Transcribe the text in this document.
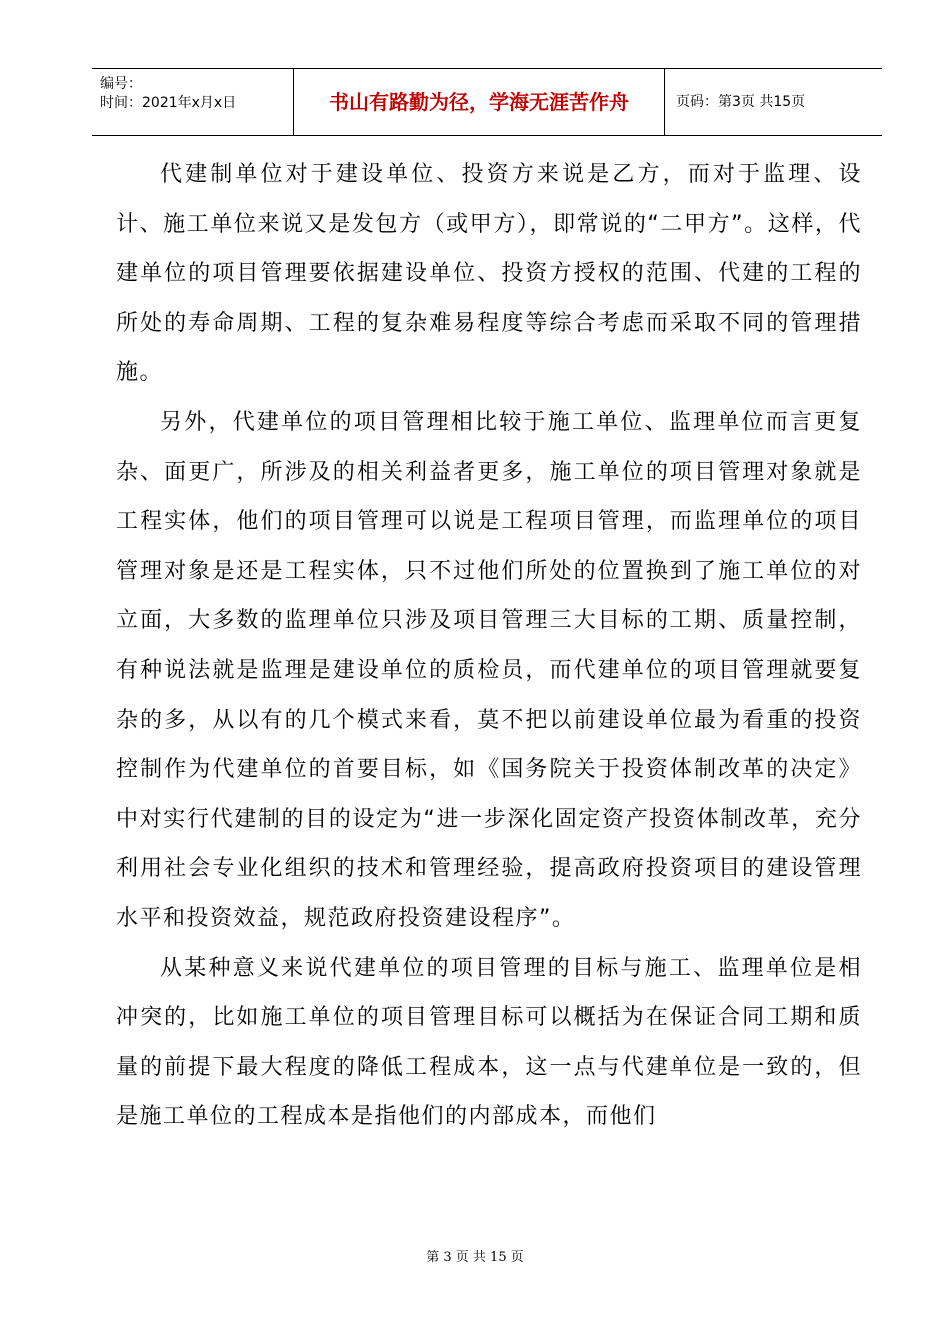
编号：
时间：2021年x月x日	书山有路勤为径，学海无涯苦作舟	页码：第3页 共15页

代建制单位对于建设单位、投资方来说是乙方，而对于监理、设计、施工单位来说又是发包方（或甲方），即常说的“二甲方”。这样，代建单位的项目管理要依据建设单位、投资方授权的范围、代建的工程的所处的寿命周期、工程的复杂难易程度等综合考虑而采取不同的管理措施。

另外，代建单位的项目管理相比较于施工单位、监理单位而言更复杂、面更广，所涉及的相关利益者更多，施工单位的项目管理对象就是工程实体，他们的项目管理可以说是工程项目管理，而监理单位的项目管理对象是还是工程实体，只不过他们所处的位置换到了施工单位的对立面，大多数的监理单位只涉及项目管理三大目标的工期、质量控制，有种说法就是监理是建设单位的质检员，而代建单位的项目管理就要复杂的多，从以有的几个模式来看，莫不把以前建设单位最为看重的投资控制作为代建单位的首要目标，如《国务院关于投资体制改革的决定》中对实行代建制的目的设定为“进一步深化固定资产投资体制改革，充分利用社会专业化组织的技术和管理经验，提高政府投资项目的建设管理水平和投资效益，规范政府投资建设程序”。

从某种意义来说代建单位的项目管理的目标与施工、监理单位是相冲突的，比如施工单位的项目管理目标可以概括为在保证合同工期和质量的前提下最大程度的降低工程成本，这一点与代建单位是一致的，但是施工单位的工程成本是指他们的内部成本，而他们

第 3 页 共 15 页
